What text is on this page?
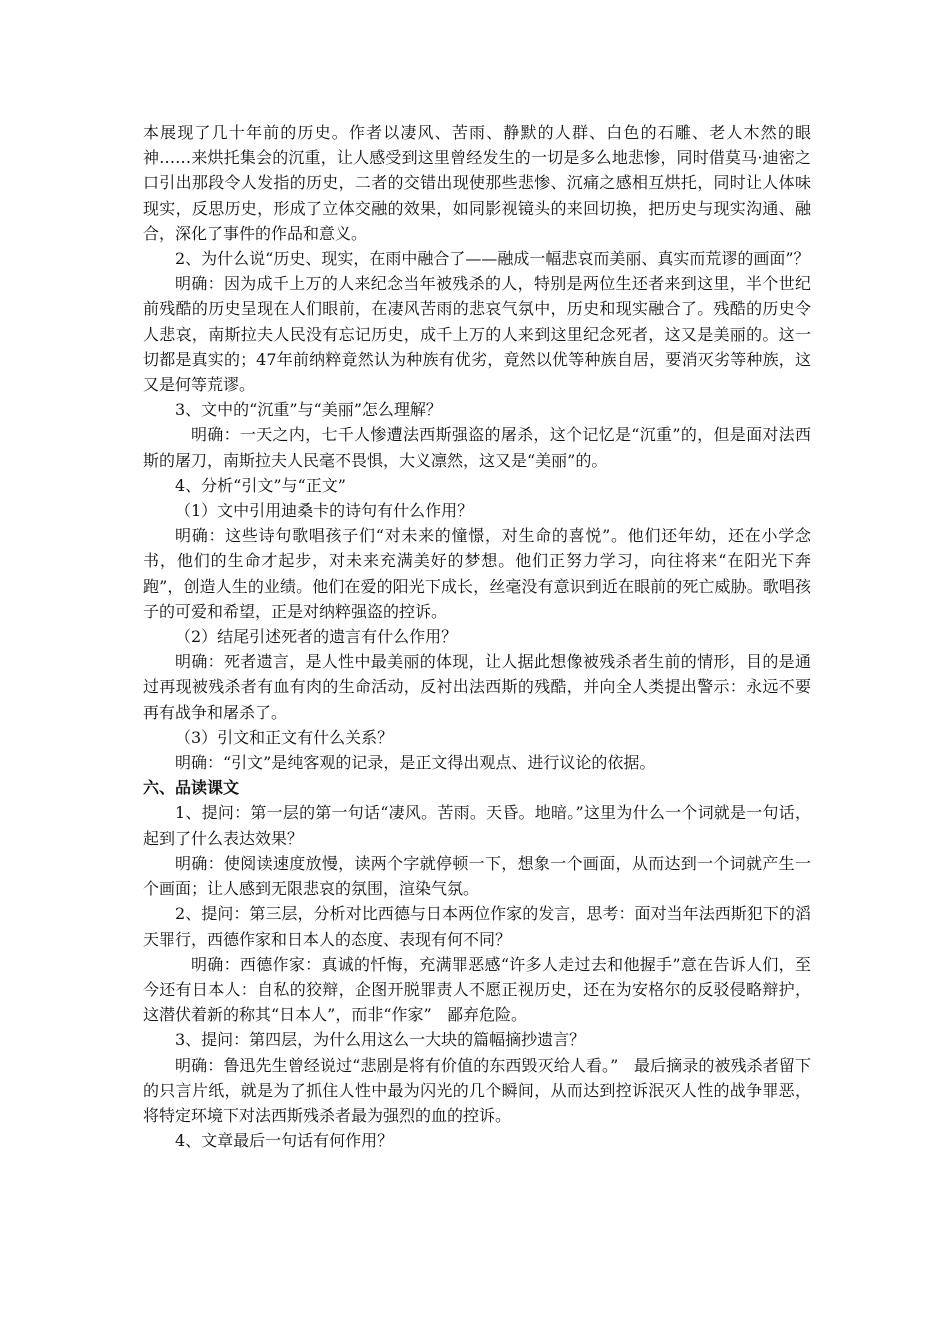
本展现了几十年前的历史。作者以凄风、苦雨、静默的人群、白色的石雕、老人木然的眼神……来烘托集会的沉重，让人感受到这里曾经发生的一切是多么地悲惨，同时借莫马·迪密之口引出那段令人发指的历史，二者的交错出现使那些悲惨、沉痛之感相互烘托，同时让人体味现实，反思历史，形成了立体交融的效果，如同影视镜头的来回切换，把历史与现实沟通、融合，深化了事件的作品和意义。

2、为什么说“历史、现实，在雨中融合了——融成一幅悲哀而美丽、真实而荒谬的画面”？

明确：因为成千上万的人来纪念当年被残杀的人，特别是两位生还者来到这里，半个世纪前残酷的历史呈现在人们眼前，在凄风苦雨的悲哀气氛中，历史和现实融合了。残酷的历史令人悲哀，南斯拉夫人民没有忘记历史，成千上万的人来到这里纪念死者，这又是美丽的。这一切都是真实的；47年前纳粹竟然认为种族有优劣，竟然以优等种族自居，要消灭劣等种族，这又是何等荒谬。

3、文中的“沉重”与“美丽”怎么理解？

明确：一天之内，七千人惨遭法西斯强盗的屠杀，这个记忆是“沉重”的，但是面对法西斯的屠刀，南斯拉夫人民毫不畏惧，大义凛然，这又是“美丽”的。

4、分析“引文”与“正文”

（1）文中引用迪桑卡的诗句有什么作用？

明确：这些诗句歌唱孩子们“对未来的憧憬，对生命的喜悦”。他们还年幼，还在小学念书，他们的生命才起步，对未来充满美好的梦想。他们正努力学习，向往将来“在阳光下奔跑”，创造人生的业绩。他们在爱的阳光下成长，丝毫没有意识到近在眼前的死亡威胁。歌唱孩子的可爱和希望，正是对纳粹强盗的控诉。

（2）结尾引述死者的遗言有什么作用？

明确：死者遗言，是人性中最美丽的体现，让人据此想像被残杀者生前的情形，目的是通过再现被残杀者有血有肉的生命活动，反衬出法西斯的残酷，并向全人类提出警示：永远不要再有战争和屠杀了。

（3）引文和正文有什么关系？

明确：“引文”是纯客观的记录，是正文得出观点、进行议论的依据。

六、品读课文

1、提问：第一层的第一句话“凄风。苦雨。天昏。地暗。”这里为什么一个词就是一句话，起到了什么表达效果？

明确：使阅读速度放慢，读两个字就停顿一下，想象一个画面，从而达到一个词就产生一个画面；让人感到无限悲哀的氛围，渲染气氛。

2、提问：第三层，分析对比西德与日本两位作家的发言，思考：面对当年法西斯犯下的滔天罪行，西德作家和日本人的态度、表现有何不同？

明确：西德作家：真诚的忏悔，充满罪恶感“许多人走过去和他握手”意在告诉人们，至今还有日本人：自私的狡辩，企图开脱罪责人不愿正视历史，还在为安格尔的反驳侵略辩护，这潜伏着新的称其“日本人”，而非“作家”   鄙弃危险。

3、提问：第四层，为什么用这么一大块的篇幅摘抄遗言？

明确：鲁迅先生曾经说过“悲剧是将有价值的东西毁灭给人看。”   最后摘录的被残杀者留下的只言片纸，就是为了抓住人性中最为闪光的几个瞬间，从而达到控诉泯灭人性的战争罪恶，将特定环境下对法西斯残杀者最为强烈的血的控诉。

4、文章最后一句话有何作用？
